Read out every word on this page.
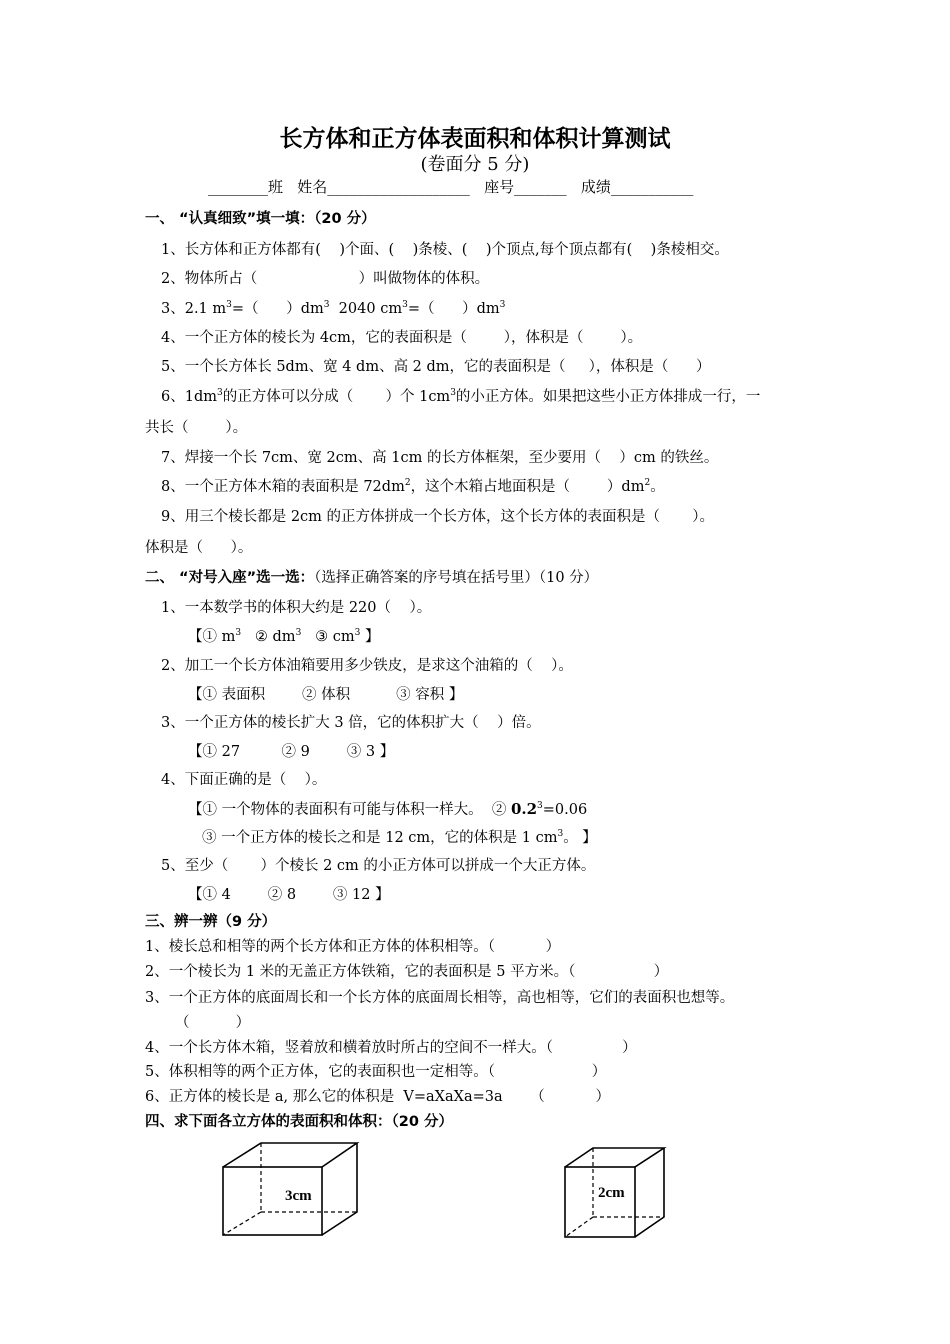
长方体和正方体表面积和体积计算测试
(卷面分 5 分)
________班   姓名___________________   座号_______   成绩___________
一、 “认真细致”填一填：（20 分）
1、长方体和正方体都有(    )个面、(    )条棱、(    )个顶点,每个顶点都有(    )条棱相交。
2、物体所占（                      ）叫做物体的体积。
3、2.1 $m^3=$（      ）$dm^3$  2040 $cm^3=$（      ）$dm^3$
4、一个正方体的棱长为 4cm，它的表面积是（        ），体积是（        ）。
5、一个长方体长 5dm、宽 4 dm、高 2 dm，它的表面积是（     ），体积是（      ）
6、$1dm^3$的正方体可以分成（       ）个 $1cm^3$的小正方体。如果把这些小正方体排成一行，一
共长（        ）。
7、焊接一个长 7cm、宽 2cm、高 1cm 的长方体框架，至少要用（    ）cm 的铁丝。
8、一个正方体木箱的表面积是 $72dm^2$，这个木箱占地面积是（        ）$dm^2$。
9、用三个棱长都是 2cm 的正方体拼成一个长方体，这个长方体的表面积是（       ）。
体积是（      ）。
二、 “对号入座”选一选：（选择正确答案的序号填在括号里）（10 分）
1、一本数学书的体积大约是 220（    ）。
【① $m^3$   ② $dm^3$   ③ $cm^3$ 】
2、加工一个长方体油箱要用多少铁皮，是求这个油箱的（    ）。
【① 表面积        ② 体积          ③ 容积 】
3、一个正方体的棱长扩大 3 倍，它的体积扩大（    ）倍。
【① 27         ② 9        ③ 3 】
4、下面正确的是（    ）。
【① 一个物体的表面积有可能与体积一样大。  ② $0.2^3=0.06$
③ 一个正方体的棱长之和是 12 cm，它的体积是 1 $cm^3$。 】
5、至少（       ）个棱长 2 cm 的小正方体可以拼成一个大正方体。
【① 4        ② 8        ③ 12 】
三、辨一辨（9 分）
1、棱长总和相等的两个长方体和正方体的体积相等。（           ）
2、一个棱长为 1 米的无盖正方体铁箱，它的表面积是 5 平方米。（                 ）
3、一个正方体的底面周长和一个长方体的底面周长相等，高也相等，它们的表面积也想等。
（          ）
4、一个长方体木箱，竖着放和横着放时所占的空间不一样大。（               ）
5、体积相等的两个正方体，它的表面积也一定相等。（                     ）
6、正方体的棱长是 a, 那么它的体积是  V=aXaXa=3a      （           ）
四、求下面各立方体的表面积和体积：（20 分）
3cm	2cm
